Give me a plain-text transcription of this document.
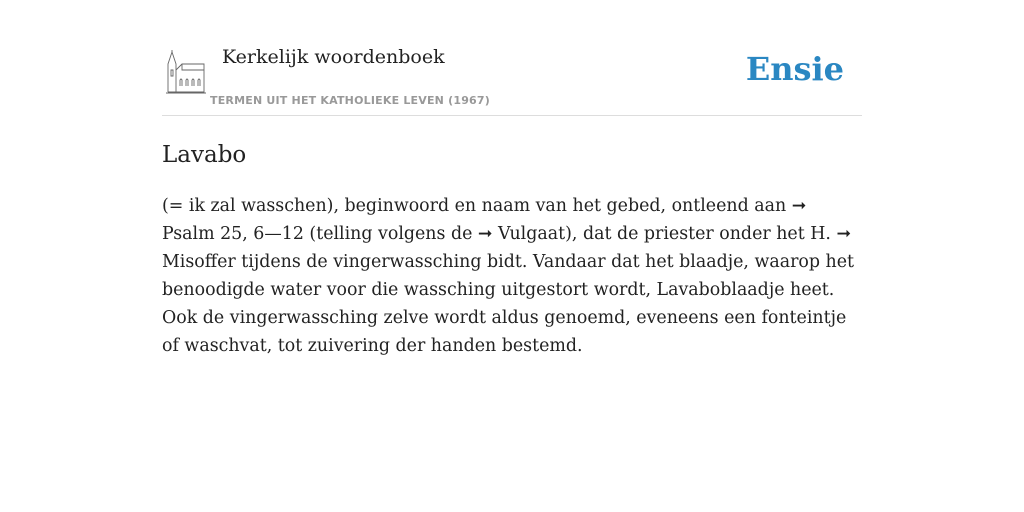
Kerkelijk woordenboek
TERMEN UIT HET KATHOLIEKE LEVEN (1967)
Ensie
Lavabo

(= ik zal wasschen), beginwoord en naam van het gebed, ontleend aan ➞ Psalm 25, 6—12 (telling volgens de ➞ Vulgaat), dat de priester onder het H. ➞ Misoffer tijdens de vingerwassching bidt. Vandaar dat het blaadje, waarop het benoodigde water voor die wassching uitgestort wordt, Lavaboblaadje heet. Ook de vingerwassching zelve wordt aldus genoemd, eveneens een fonteintje of waschvat, tot zuivering der handen bestemd.
